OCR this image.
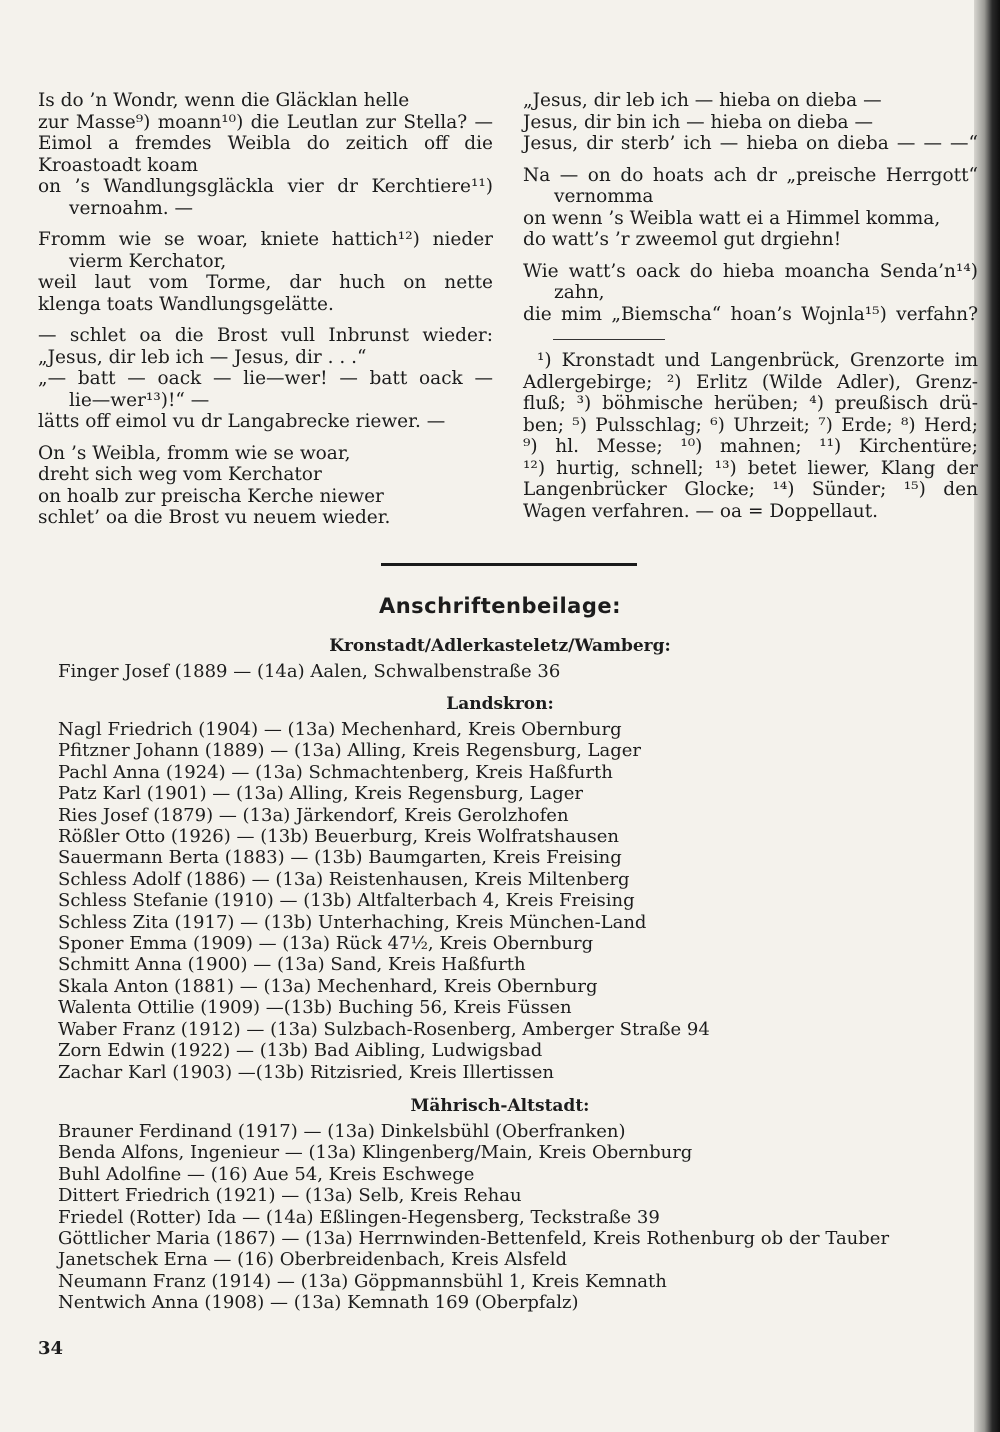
Is do ’n Wondr, wenn die Gläcklan helle
zur Masse⁹) moann¹⁰) die Leutlan zur Stella? —
Eimol a fremdes Weibla do zeitich off die
Kroastoadt koam
on ’s Wandlungsgläckla vier dr Kerchtiere¹¹)
vernoahm. —
Fromm wie se woar, kniete hattich¹²) nieder
vierm Kerchator,
weil laut vom Torme, dar huch on nette
klenga toats Wandlungsgelätte.
— schlet oa die Brost vull Inbrunst wieder:
„Jesus, dir leb ich — Jesus, dir . . .“
„— batt — oack — lie—wer! — batt oack —
lie—wer¹³)!“ —
lätts off eimol vu dr Langabrecke riewer. —
On ’s Weibla, fromm wie se woar,
dreht sich weg vom Kerchator
on hoalb zur preischa Kerche niewer
schlet’ oa die Brost vu neuem wieder.
„Jesus, dir leb ich — hieba on dieba —
Jesus, dir bin ich — hieba on dieba —
Jesus, dir sterb’ ich — hieba on dieba — — —“
Na — on do hoats ach dr „preische Herrgott“
vernomma
on wenn ’s Weibla watt ei a Himmel komma,
do watt’s ’r zweemol gut drgiehn!
Wie watt’s oack do hieba moancha Senda’n¹⁴)
zahn,
die mim „Biemscha“ hoan’s Wojnla¹⁵) verfahn?
¹) Kronstadt und Langenbrück, Grenzorte im
Adlergebirge; ²) Erlitz (Wilde Adler), Grenz-
fluß; ³) böhmische herüben; ⁴) preußisch drü-
ben; ⁵) Pulsschlag; ⁶) Uhrzeit; ⁷) Erde; ⁸) Herd;
⁹) hl. Messe; ¹⁰) mahnen; ¹¹) Kirchentüre;
¹²) hurtig, schnell; ¹³) betet liewer, Klang der
Langenbrücker Glocke; ¹⁴) Sünder; ¹⁵) den
Wagen verfahren. — oa = Doppellaut.
Anschriftenbeilage:
Kronstadt/Adlerkasteletz/Wamberg:
Finger Josef (1889 — (14a) Aalen, Schwalbenstraße 36
Landskron:
Nagl Friedrich (1904) — (13a) Mechenhard, Kreis Obernburg
Pfitzner Johann (1889) — (13a) Alling, Kreis Regensburg, Lager
Pachl Anna (1924) — (13a) Schmachtenberg, Kreis Haßfurth
Patz Karl (1901) — (13a) Alling, Kreis Regensburg, Lager
Ries Josef (1879) — (13a) Järkendorf, Kreis Gerolzhofen
Rößler Otto (1926) — (13b) Beuerburg, Kreis Wolfratshausen
Sauermann Berta (1883) — (13b) Baumgarten, Kreis Freising
Schless Adolf (1886) — (13a) Reistenhausen, Kreis Miltenberg
Schless Stefanie (1910) — (13b) Altfalterbach 4, Kreis Freising
Schless Zita (1917) — (13b) Unterhaching, Kreis München-Land
Sponer Emma (1909) — (13a) Rück 47½, Kreis Obernburg
Schmitt Anna (1900) — (13a) Sand, Kreis Haßfurth
Skala Anton (1881) — (13a) Mechenhard, Kreis Obernburg
Walenta Ottilie (1909) —(13b) Buching 56, Kreis Füssen
Waber Franz (1912) — (13a) Sulzbach-Rosenberg, Amberger Straße 94
Zorn Edwin (1922) — (13b) Bad Aibling, Ludwigsbad
Zachar Karl (1903) —(13b) Ritzisried, Kreis Illertissen
Mährisch-Altstadt:
Brauner Ferdinand (1917) — (13a) Dinkelsbühl (Oberfranken)
Benda Alfons, Ingenieur — (13a) Klingenberg/Main, Kreis Obernburg
Buhl Adolfine — (16) Aue 54, Kreis Eschwege
Dittert Friedrich (1921) — (13a) Selb, Kreis Rehau
Friedel (Rotter) Ida — (14a) Eßlingen-Hegensberg, Teckstraße 39
Göttlicher Maria (1867) — (13a) Herrnwinden-Bettenfeld, Kreis Rothenburg ob der Tauber
Janetschek Erna — (16) Oberbreidenbach, Kreis Alsfeld
Neumann Franz (1914) — (13a) Göppmannsbühl 1, Kreis Kemnath
Nentwich Anna (1908) — (13a) Kemnath 169 (Oberpfalz)
34
